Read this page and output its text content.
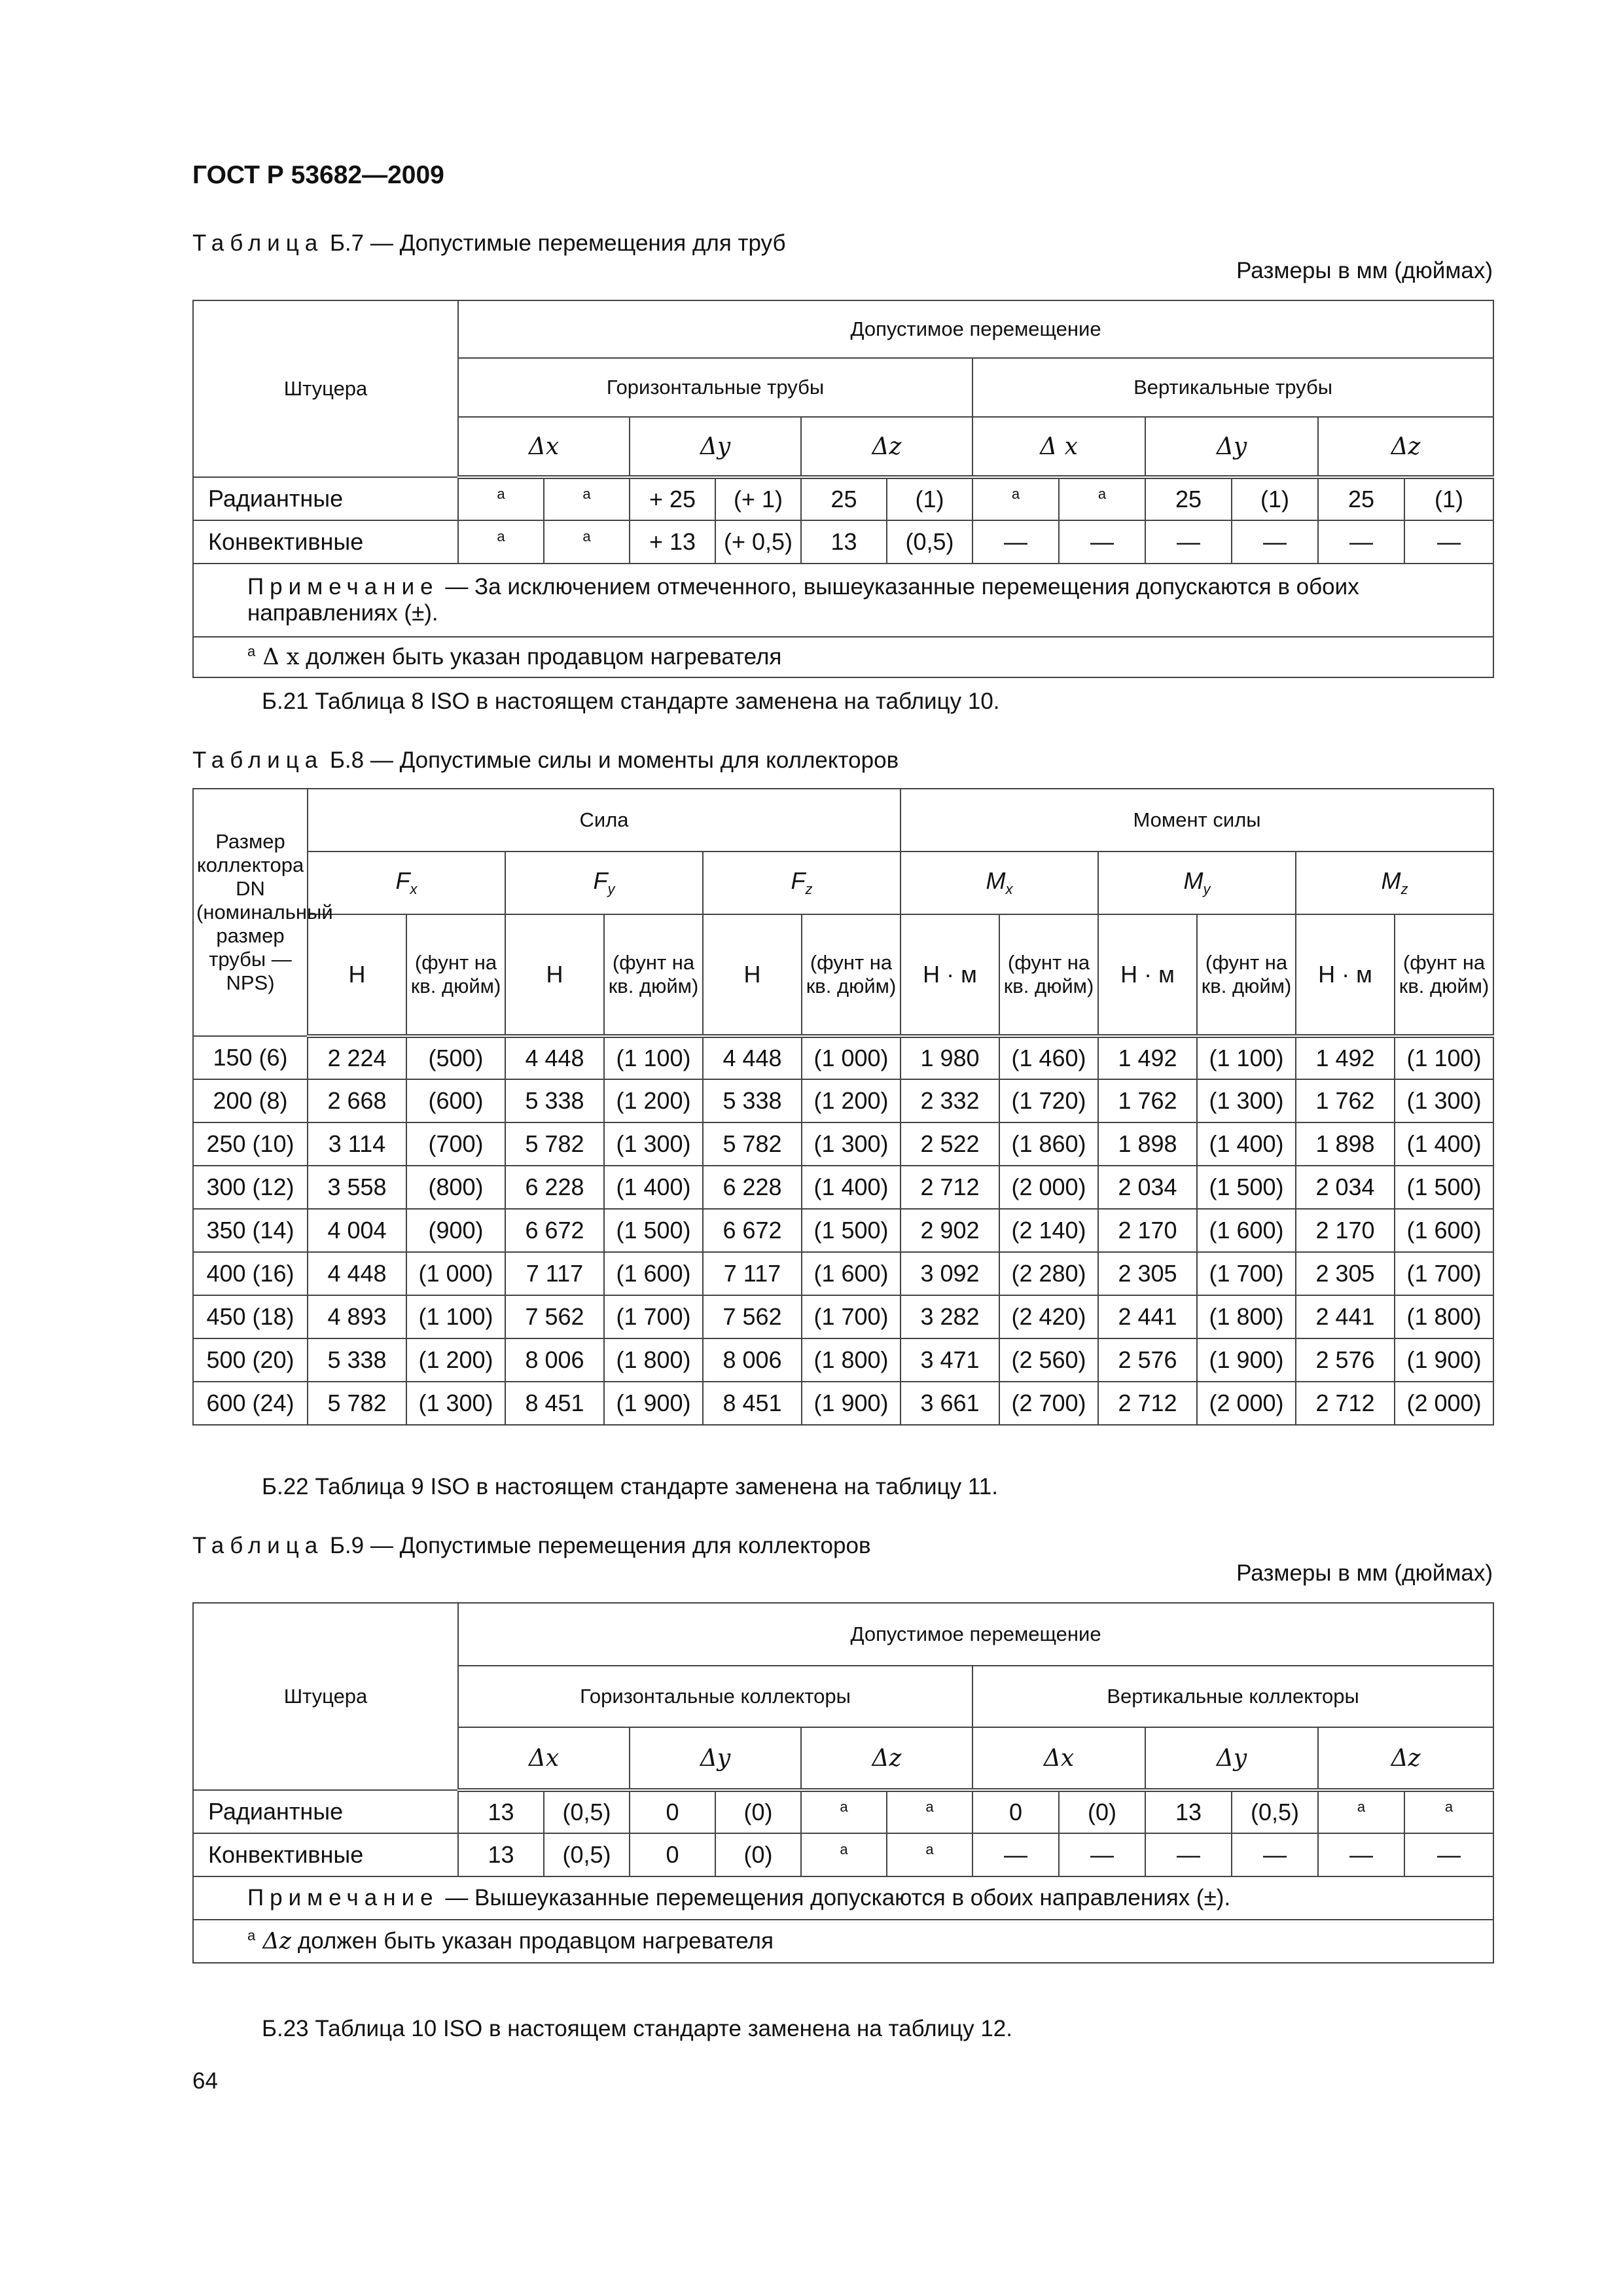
ГОСТ Р 53682—2009
Таблица Б.7 — Допустимые перемещения для труб
Размеры в мм (дюймах)
Штуцера	Допустимое перемещение											
	Горизонтальные трубы						Вертикальные трубы					
	Δx		Δy		Δz		Δ x		Δy		Δz	
Радиантные	$^а$	$^а$	+ 25	(+ 1)	25	(1)	$^а$	$^а$	25	(1)	25	(1)
Конвективные	$^а$	$^а$	+ 13	(+ 0,5)	13	(0,5)	—	—	—	—	—	—
Примечание — За исключением отмеченного, вышеуказанные перемещения допускаются в обоих направлениях (±).												
$^а$ Δ x должен быть указан продавцом нагревателя												
Б.21 Таблица 8 ISO в настоящем стандарте заменена на таблицу 10.
Таблица Б.8 — Допустимые силы и моменты для коллекторов
Размер коллектора DN (номинальный размер трубы — NPS)	Сила						Момент силы					
	$F_x$		$F_y$		$F_z$		$M_x$		$M_y$		$M_z$
	Н	(фунт на кв. дюйм)	Н	(фунт на кв. дюйм)	Н	(фунт на кв. дюйм)	Н · м	(фунт на кв. дюйм)	Н · м	(фунт на кв. дюйм)	Н · м	(фунт на кв. дюйм)
150 (6)	2 224	(500)	4 448	(1 100)	4 448	(1 000)	1 980	(1 460)	1 492	(1 100)	1 492	(1 100)
200 (8)	2 668	(600)	5 338	(1 200)	5 338	(1 200)	2 332	(1 720)	1 762	(1 300)	1 762	(1 300)
250 (10)	3 114	(700)	5 782	(1 300)	5 782	(1 300)	2 522	(1 860)	1 898	(1 400)	1 898	(1 400)
300 (12)	3 558	(800)	6 228	(1 400)	6 228	(1 400)	2 712	(2 000)	2 034	(1 500)	2 034	(1 500)
350 (14)	4 004	(900)	6 672	(1 500)	6 672	(1 500)	2 902	(2 140)	2 170	(1 600)	2 170	(1 600)
400 (16)	4 448	(1 000)	7 117	(1 600)	7 117	(1 600)	3 092	(2 280)	2 305	(1 700)	2 305	(1 700)
450 (18)	4 893	(1 100)	7 562	(1 700)	7 562	(1 700)	3 282	(2 420)	2 441	(1 800)	2 441	(1 800)
500 (20)	5 338	(1 200)	8 006	(1 800)	8 006	(1 800)	3 471	(2 560)	2 576	(1 900)	2 576	(1 900)
600 (24)	5 782	(1 300)	8 451	(1 900)	8 451	(1 900)	3 661	(2 700)	2 712	(2 000)	2 712	(2 000)
Б.22 Таблица 9 ISO в настоящем стандарте заменена на таблицу 11.
Таблица Б.9 — Допустимые перемещения для коллекторов
Размеры в мм (дюймах)
Штуцера	Допустимое перемещение											
	Горизонтальные коллекторы						Вертикальные коллекторы					
	Δx		Δy		Δz		Δx		Δy		Δz	
Радиантные	13	(0,5)	0	(0)	$^а$	$^а$	0	(0)	13	(0,5)	$^а$	$^а$
Конвективные	13	(0,5)	0	(0)	$^а$	$^а$	—	—	—	—	—	—
Примечание — Вышеуказанные перемещения допускаются в обоих направлениях (±).												
$^а$ Δz должен быть указан продавцом нагревателя												
Б.23 Таблица 10 ISO в настоящем стандарте заменена на таблицу 12.
64
